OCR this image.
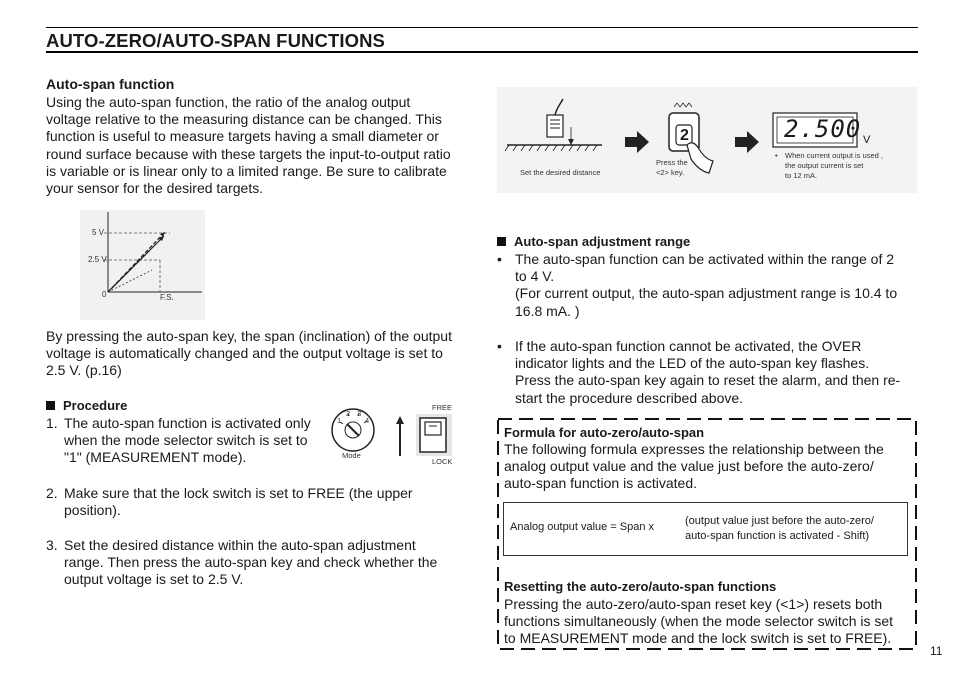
AUTO-ZERO/AUTO-SPAN FUNCTIONS
Auto-span function
Using the auto-span function, the ratio of the analog output
voltage relative to the measuring distance can be changed. This
function is useful to measure targets having a small diameter or
round surface because with these targets the input-to-output ratio
is variable or is linear only to a limited range. Be sure to calibrate
your sensor for the desired targets.
5 V
2.5 V
0	F.S.
By pressing the auto-span key, the span (inclination) of the output
voltage is automatically changed and the output voltage is set to
2.5 V. (p.16)
Procedure
1. The auto-span function is activated only
when the mode selector switch is set to
"1" (MEASUREMENT mode).
1
2 3
4
Mode
FREE
LOCK
2. Make sure that the lock switch is set to FREE (the upper
position).
3. Set the desired distance within the auto-span adjustment
range. Then press the auto-span key and check whether the
output voltage is set to 2.5 V.
2.500 V
2
Set the desired distance
Press the
<2> key.
• When current output is used ,
the output current is set
to 12 mA.
Auto-span adjustment range
• The auto-span function can be activated within the range of 2
to 4 V.
(For current output, the auto-span adjustment range is 10.4 to
16.8 mA. )
• If the auto-span function cannot be activated, the OVER
indicator lights and the LED of the auto-span key flashes.
Press the auto-span key again to reset the alarm, and then re-
start the procedure described above.
Formula for auto-zero/auto-span
The following formula expresses the relationship between the
analog output value and the value just before the auto-zero/
auto-span function is activated.
Analog output value = Span x	(output value just before the auto-zero/
auto-span function is activated - Shift)
Resetting the auto-zero/auto-span functions
Pressing the auto-zero/auto-span reset key (<1>) resets both
functions simultaneously (when the mode selector switch is set
to MEASUREMENT mode and the lock switch is set to FREE).
11
